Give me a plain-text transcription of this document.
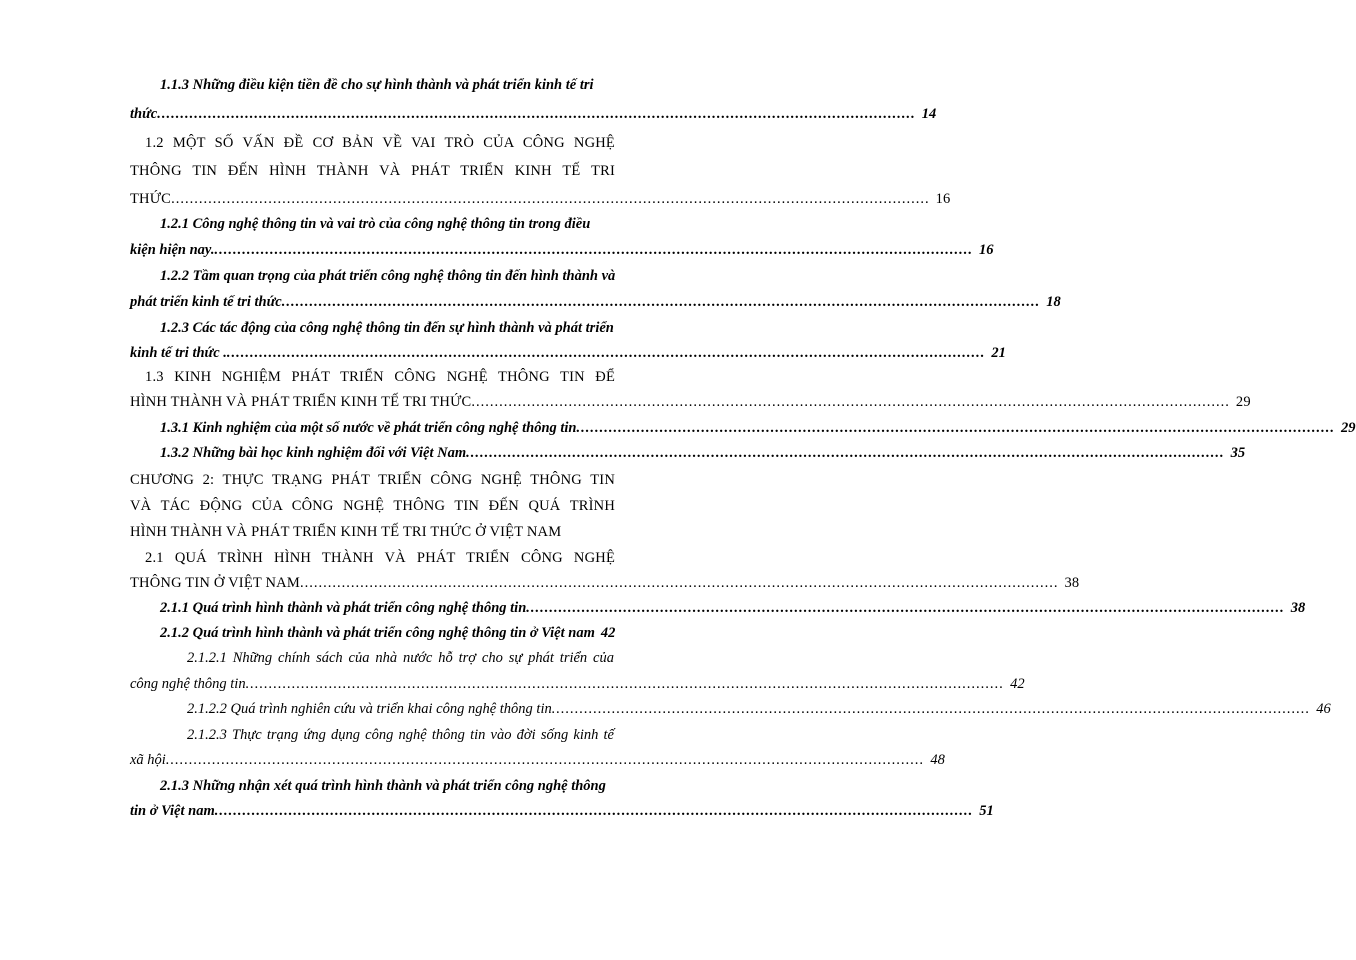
1.1.3 Những điều kiện tiền đề cho sự hình thành và phát triển kinh tế tri
thức .................................................................................................................................................................... 14
1.2 MỘT SỐ VẤN ĐỀ CƠ BẢN VỀ VAI TRÒ CỦA CÔNG NGHỆ
THÔNG TIN ĐẾN HÌNH THÀNH VÀ PHÁT TRIỂN KINH TẾ TRI
THỨC .................................................................................................................................................................... 16
1.2.1 Công nghệ thông tin và vai trò của công nghệ thông tin trong điều
kiện hiện nay. .................................................................................................................................................................... 16
1.2.2 Tầm quan trọng của phát triển công nghệ thông tin đến hình thành và
phát triển kinh tế tri thức .................................................................................................................................................................... 18
1.2.3 Các tác động của công nghệ thông tin đến sự hình thành và phát triển
kinh tế tri thức . .................................................................................................................................................................... 21
1.3 KINH NGHIỆM PHÁT TRIỂN CÔNG NGHỆ THÔNG TIN ĐỂ
HÌNH THÀNH VÀ PHÁT TRIỂN KINH TẾ TRI THỨC .................................................................................................................................................................... 29
1.3.1 Kinh nghiệm của một số nước về phát triển công nghệ thông tin .................................................................................................................................................................... 29
1.3.2 Những bài học kinh nghiệm đối với Việt Nam .................................................................................................................................................................... 35
CHƯƠNG 2: THỰC TRẠNG PHÁT TRIỂN CÔNG NGHỆ THÔNG TIN
VÀ TÁC ĐỘNG CỦA CÔNG NGHỆ THÔNG TIN ĐẾN QUÁ TRÌNH
HÌNH THÀNH VÀ PHÁT TRIỂN KINH TẾ TRI THỨC Ở VIỆT NAM
2.1 QUÁ TRÌNH HÌNH THÀNH VÀ PHÁT TRIỂN CÔNG NGHỆ
THÔNG TIN Ở VIỆT NAM .................................................................................................................................................................... 38
2.1.1 Quá trình hình thành và phát triển công nghệ thông tin .................................................................................................................................................................... 38
2.1.2 Quá trình hình thành và phát triển công nghệ thông tin ở Việt nam 42
2.1.2.1 Những chính sách của nhà nước hỗ trợ cho sự phát triển của
công nghệ thông tin .................................................................................................................................................................... 42
2.1.2.2 Quá trình nghiên cứu và triển khai công nghệ thông tin .................................................................................................................................................................... 46
2.1.2.3 Thực trạng ứng dụng công nghệ thông tin vào đời sống kinh tế
xã hội .................................................................................................................................................................... 48
2.1.3 Những nhận xét quá trình hình thành và phát triển công nghệ thông
tin ở Việt nam .................................................................................................................................................................... 51
